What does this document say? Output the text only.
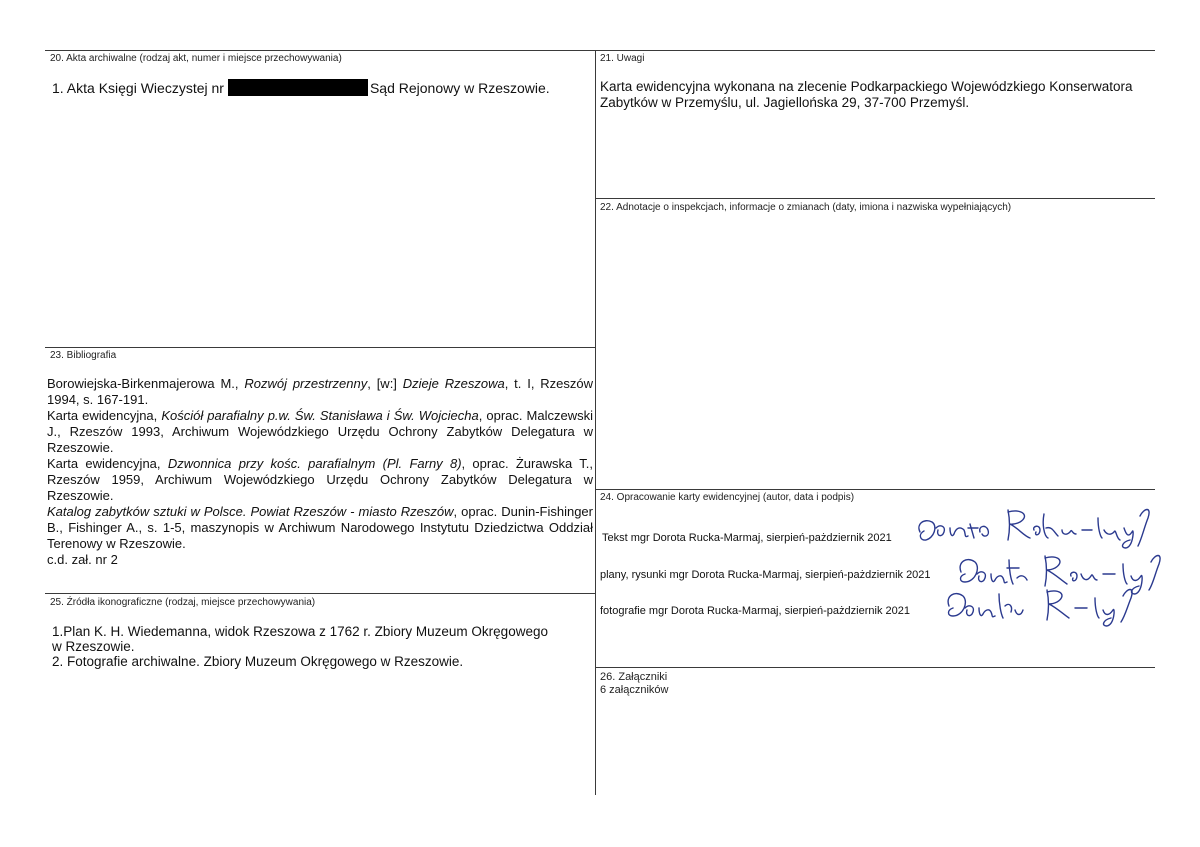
20. Akta archiwalne (rodzaj akt, numer i miejsce przechowywania)
1. Akta Księgi Wieczystej nr	Sąd Rejonowy w Rzeszowie.
21. Uwagi
Karta ewidencyjna wykonana na zlecenie Podkarpackiego Wojewódzkiego Konserwatora
Zabytków w Przemyślu, ul. Jagiellońska 29, 37-700 Przemyśl.
22. Adnotacje o inspekcjach, informacje o zmianach (daty, imiona i nazwiska wypełniających)
23. Bibliografia
Borowiejska-Birkenmajerowa M., Rozwój przestrzenny, [w:] Dzieje Rzeszowa, t. I, Rzeszów 1994, s. 167-191.
Karta ewidencyjna, Kościół parafialny p.w. Św. Stanisława i Św. Wojciecha, oprac. Malczewski J., Rzeszów 1993, Archiwum Wojewódzkiego Urzędu Ochrony Zabytków Delegatura w Rzeszowie.
Karta ewidencyjna, Dzwonnica przy kośc. parafialnym (Pl. Farny 8), oprac. Żurawska T., Rzeszów 1959, Archiwum Wojewódzkiego Urzędu Ochrony Zabytków Delegatura w Rzeszowie.
Katalog zabytków sztuki w Polsce. Powiat Rzeszów - miasto Rzeszów, oprac. Dunin-Fishinger B., Fishinger A., s. 1-5, maszynopis w Archiwum Narodowego Instytutu Dziedzictwa Oddział Terenowy w Rzeszowie.
c.d. zał. nr 2
24. Opracowanie karty ewidencyjnej (autor, data i podpis)
Tekst mgr Dorota Rucka-Marmaj, sierpień-pażdziernik 2021
plany, rysunki mgr Dorota Rucka-Marmaj, sierpień-pażdziernik 2021
fotografie mgr Dorota Rucka-Marmaj, sierpień-pażdziernik 2021
25. Źródła ikonograficzne (rodzaj, miejsce przechowywania)
1.Plan K. H. Wiedemanna, widok Rzeszowa z 1762 r. Zbiory Muzeum Okręgowego
w Rzeszowie.
2. Fotografie archiwalne. Zbiory Muzeum Okręgowego w Rzeszowie.
26. Załączniki
6 załączników
